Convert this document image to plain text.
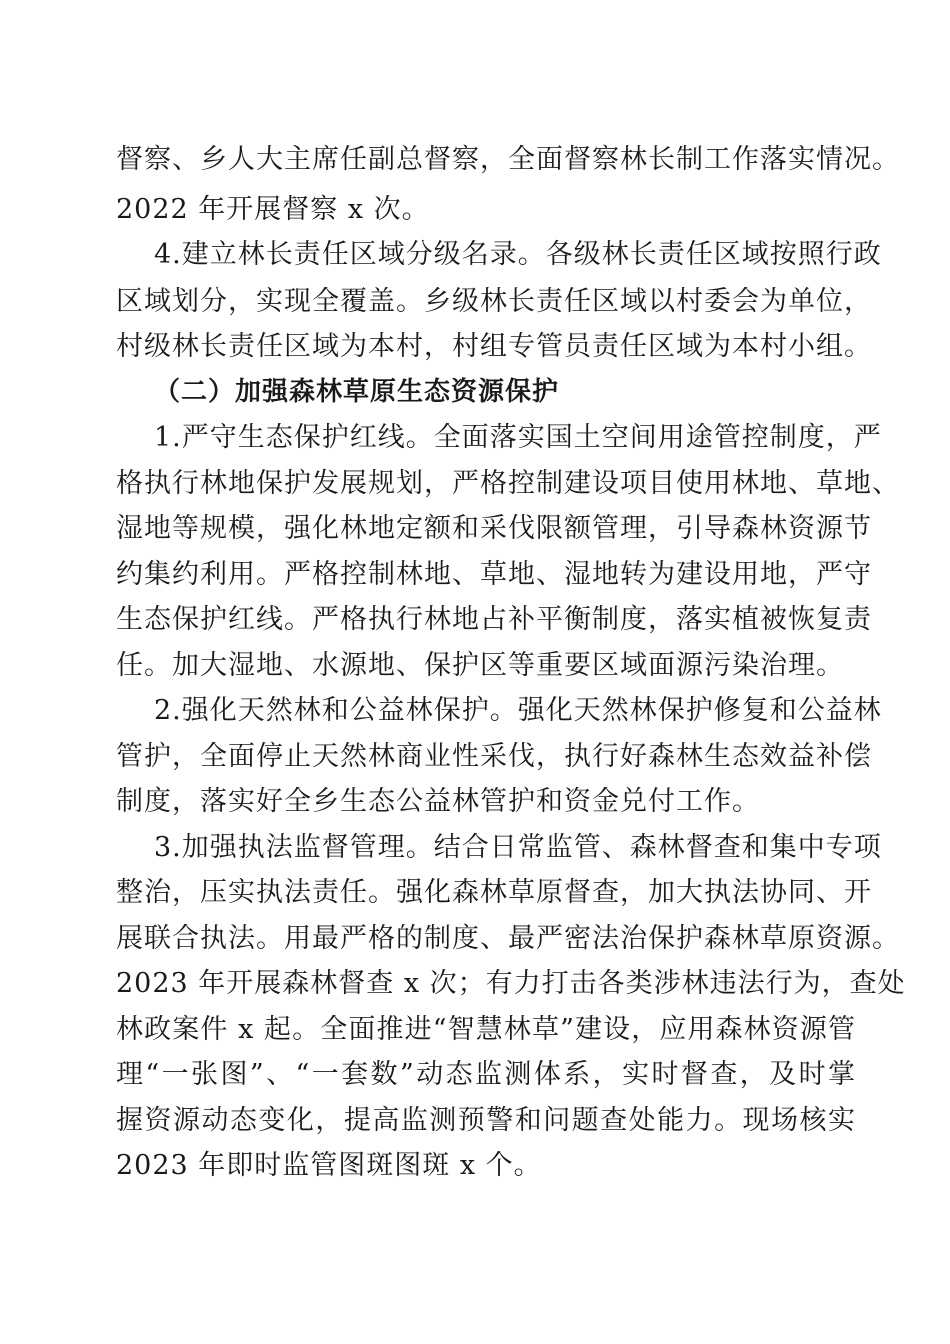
督察、乡人大主席任副总督察，全面督察林长制工作落实情况。
2022 年开展督察 x 次。
4.建立林长责任区域分级名录。各级林长责任区域按照行政
区域划分，实现全覆盖。乡级林长责任区域以村委会为单位，
村级林长责任区域为本村，村组专管员责任区域为本村小组。
（二）加强森林草原生态资源保护
1.严守生态保护红线。全面落实国土空间用途管控制度，严
格执行林地保护发展规划，严格控制建设项目使用林地、草地、
湿地等规模，强化林地定额和采伐限额管理，引导森林资源节
约集约利用。严格控制林地、草地、湿地转为建设用地，严守
生态保护红线。严格执行林地占补平衡制度，落实植被恢复责
任。加大湿地、水源地、保护区等重要区域面源污染治理。
2.强化天然林和公益林保护。强化天然林保护修复和公益林
管护，全面停止天然林商业性采伐，执行好森林生态效益补偿
制度，落实好全乡生态公益林管护和资金兑付工作。
3.加强执法监督管理。结合日常监管、森林督查和集中专项
整治，压实执法责任。强化森林草原督查，加大执法协同、开
展联合执法。用最严格的制度、最严密法治保护森林草原资源。
2023 年开展森林督查 x 次；有力打击各类涉林违法行为，查处
林政案件 x 起。全面推进“智慧林草”建设，应用森林资源管
理“一张图”、“一套数”动态监测体系，实时督查，及时掌
握资源动态变化，提高监测预警和问题查处能力。现场核实
2023 年即时监管图斑图斑 x 个。
